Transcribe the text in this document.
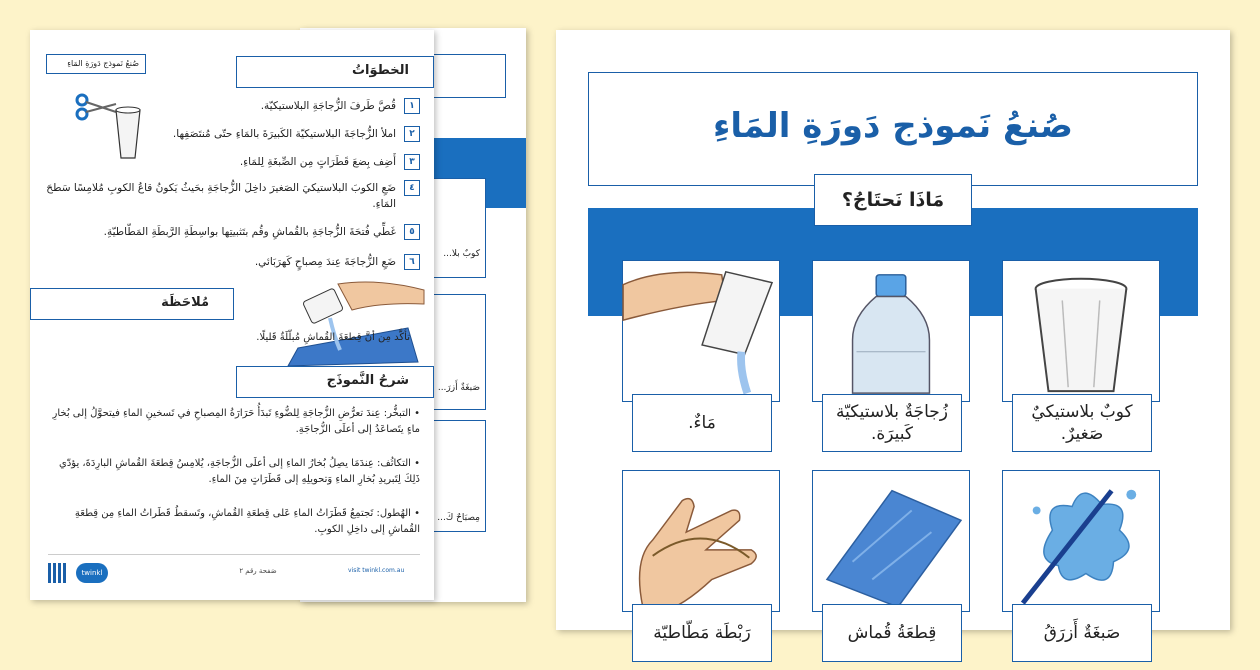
كوبٌ بلا...
صَبغَةٌ أَزرَ...
مِصبَاحٌ كَ...
صُنعُ نَموذج دَورَةِ المَاءِ	الخطوَاتُ
١
قُصَّ طَرفَ الزُّجاجَةِ البلاستيكيّة.
٢
املأ الزُّجاجَةَ البلاستيكيّة الكَبيرَةَ بالمَاءِ حتّى مُنتَصَفِها.
٣
أَضِف بِضعَ قَطَرَاتٍ مِن الصِّبغَةِ لِلمَاءِ.
٤
ضَعِ الكوبَ البلاستيكيَ الصَغيرَ داخِلَ الزُّجاجَةِ بحَيثُ يَكونُ قاعُ الكوبِ مُلامِسًا سَطحَ المَاءِ.
٥
غَطِّي فُتحَةَ الزُّجاجَةِ بالقُماشِ وقُم بتَثبيتِها بواسِطَةِ الرَّبطَةِ المَطّاطيّةِ.
٦
ضَعِ الزُّجاجَةَ عِندَ مِصباحٍ كَهرَبَائي.
مُلاحَظَة
تأكَّد مِن أنَّ قِطعَةَ القُماشِ مُبلّلَةٌ قَليلًا.
شرحُ النَّموذَج
• التبخُّر: عِندَ تعرُّضِ الزُّجاجَةِ لِلضُّوءِ تَبدَأُ حَرَارَةُ المِصباحِ في تَسخينِ الماءِ فيتحوَّلُ إلى بُخارِ ماءٍ يتَصاعَدُ إلى أعلَى الزُّجاجَةِ.
• التكاثُف: عِندَمَا يصِلُ بُخارُ الماءِ إلى أعلَى الزُّجاجَةِ، يُلامِسُ قِطعَةَ القُماشِ البارِدَةَ، يؤدّي ذَلِكَ لِتَبريدِ بُخارِ الماءِ وَتحويلِهِ إلى قَطَرَاتٍ مِنَ الماءِ.
• الهُطول: تَجتمِعُ قَطَرَاتُ الماءِ عَلى قِطعَةِ القُماشِ، وتَسقطُ قَطَراتُ الماءِ مِن قِطعَةِ القُماشِ إلى داخِلِ الكوبِ.
twinkl	صَفحة رقم ٢	visit twinkl.com.au
صُنعُ نَموذج دَورَةِ المَاءِ
مَاذَا نَحتَاجُ؟
كوبٌ بلاستيكيٌ صَغيرٌ.
زُجاجَةٌ بلاستيكيّة كَبيرَة.
مَاءٌ.
صَبغَةٌ أَزرَقُ
قِطعَةُ قُماش
رَبْطَة مَطّاطيّة
